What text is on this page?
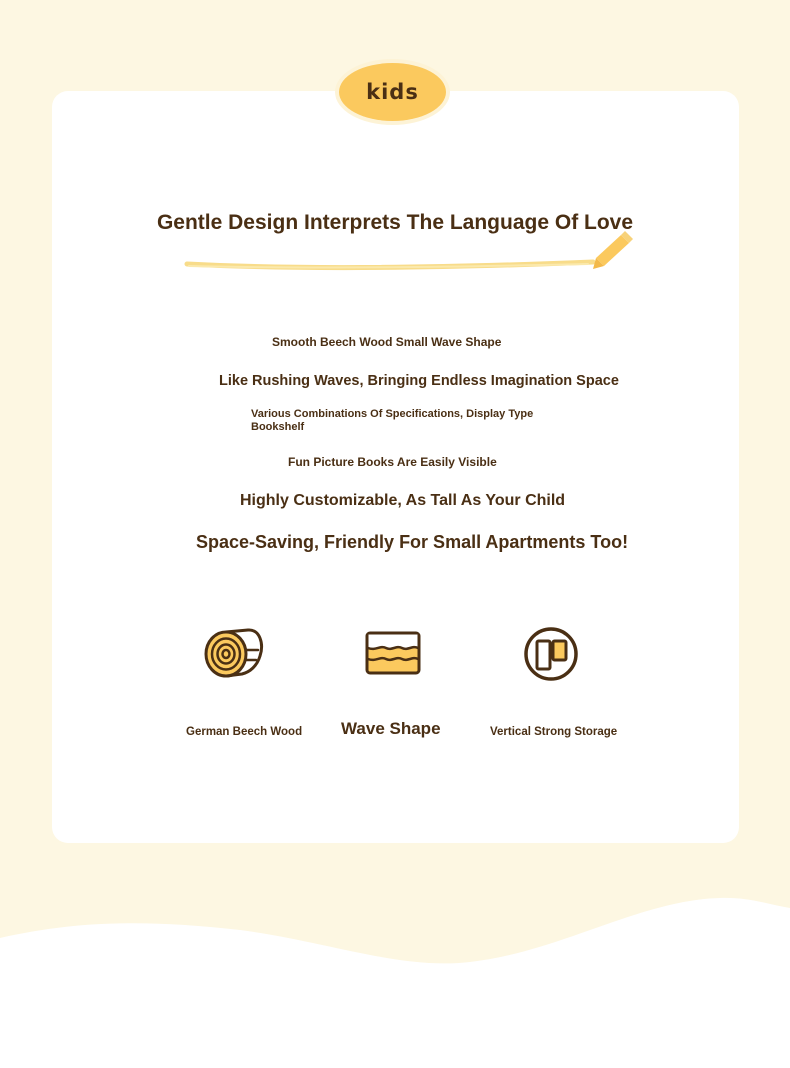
kids
Gentle Design Interprets The Language Of Love
Smooth Beech Wood Small Wave Shape
Like Rushing Waves, Bringing Endless Imagination Space
Various Combinations Of Specifications, Display Type Bookshelf
Fun Picture Books Are Easily Visible
Highly Customizable, As Tall As Your Child
Space-Saving, Friendly For Small Apartments Too!
German Beech Wood Wave Shape	Vertical Strong Storage
